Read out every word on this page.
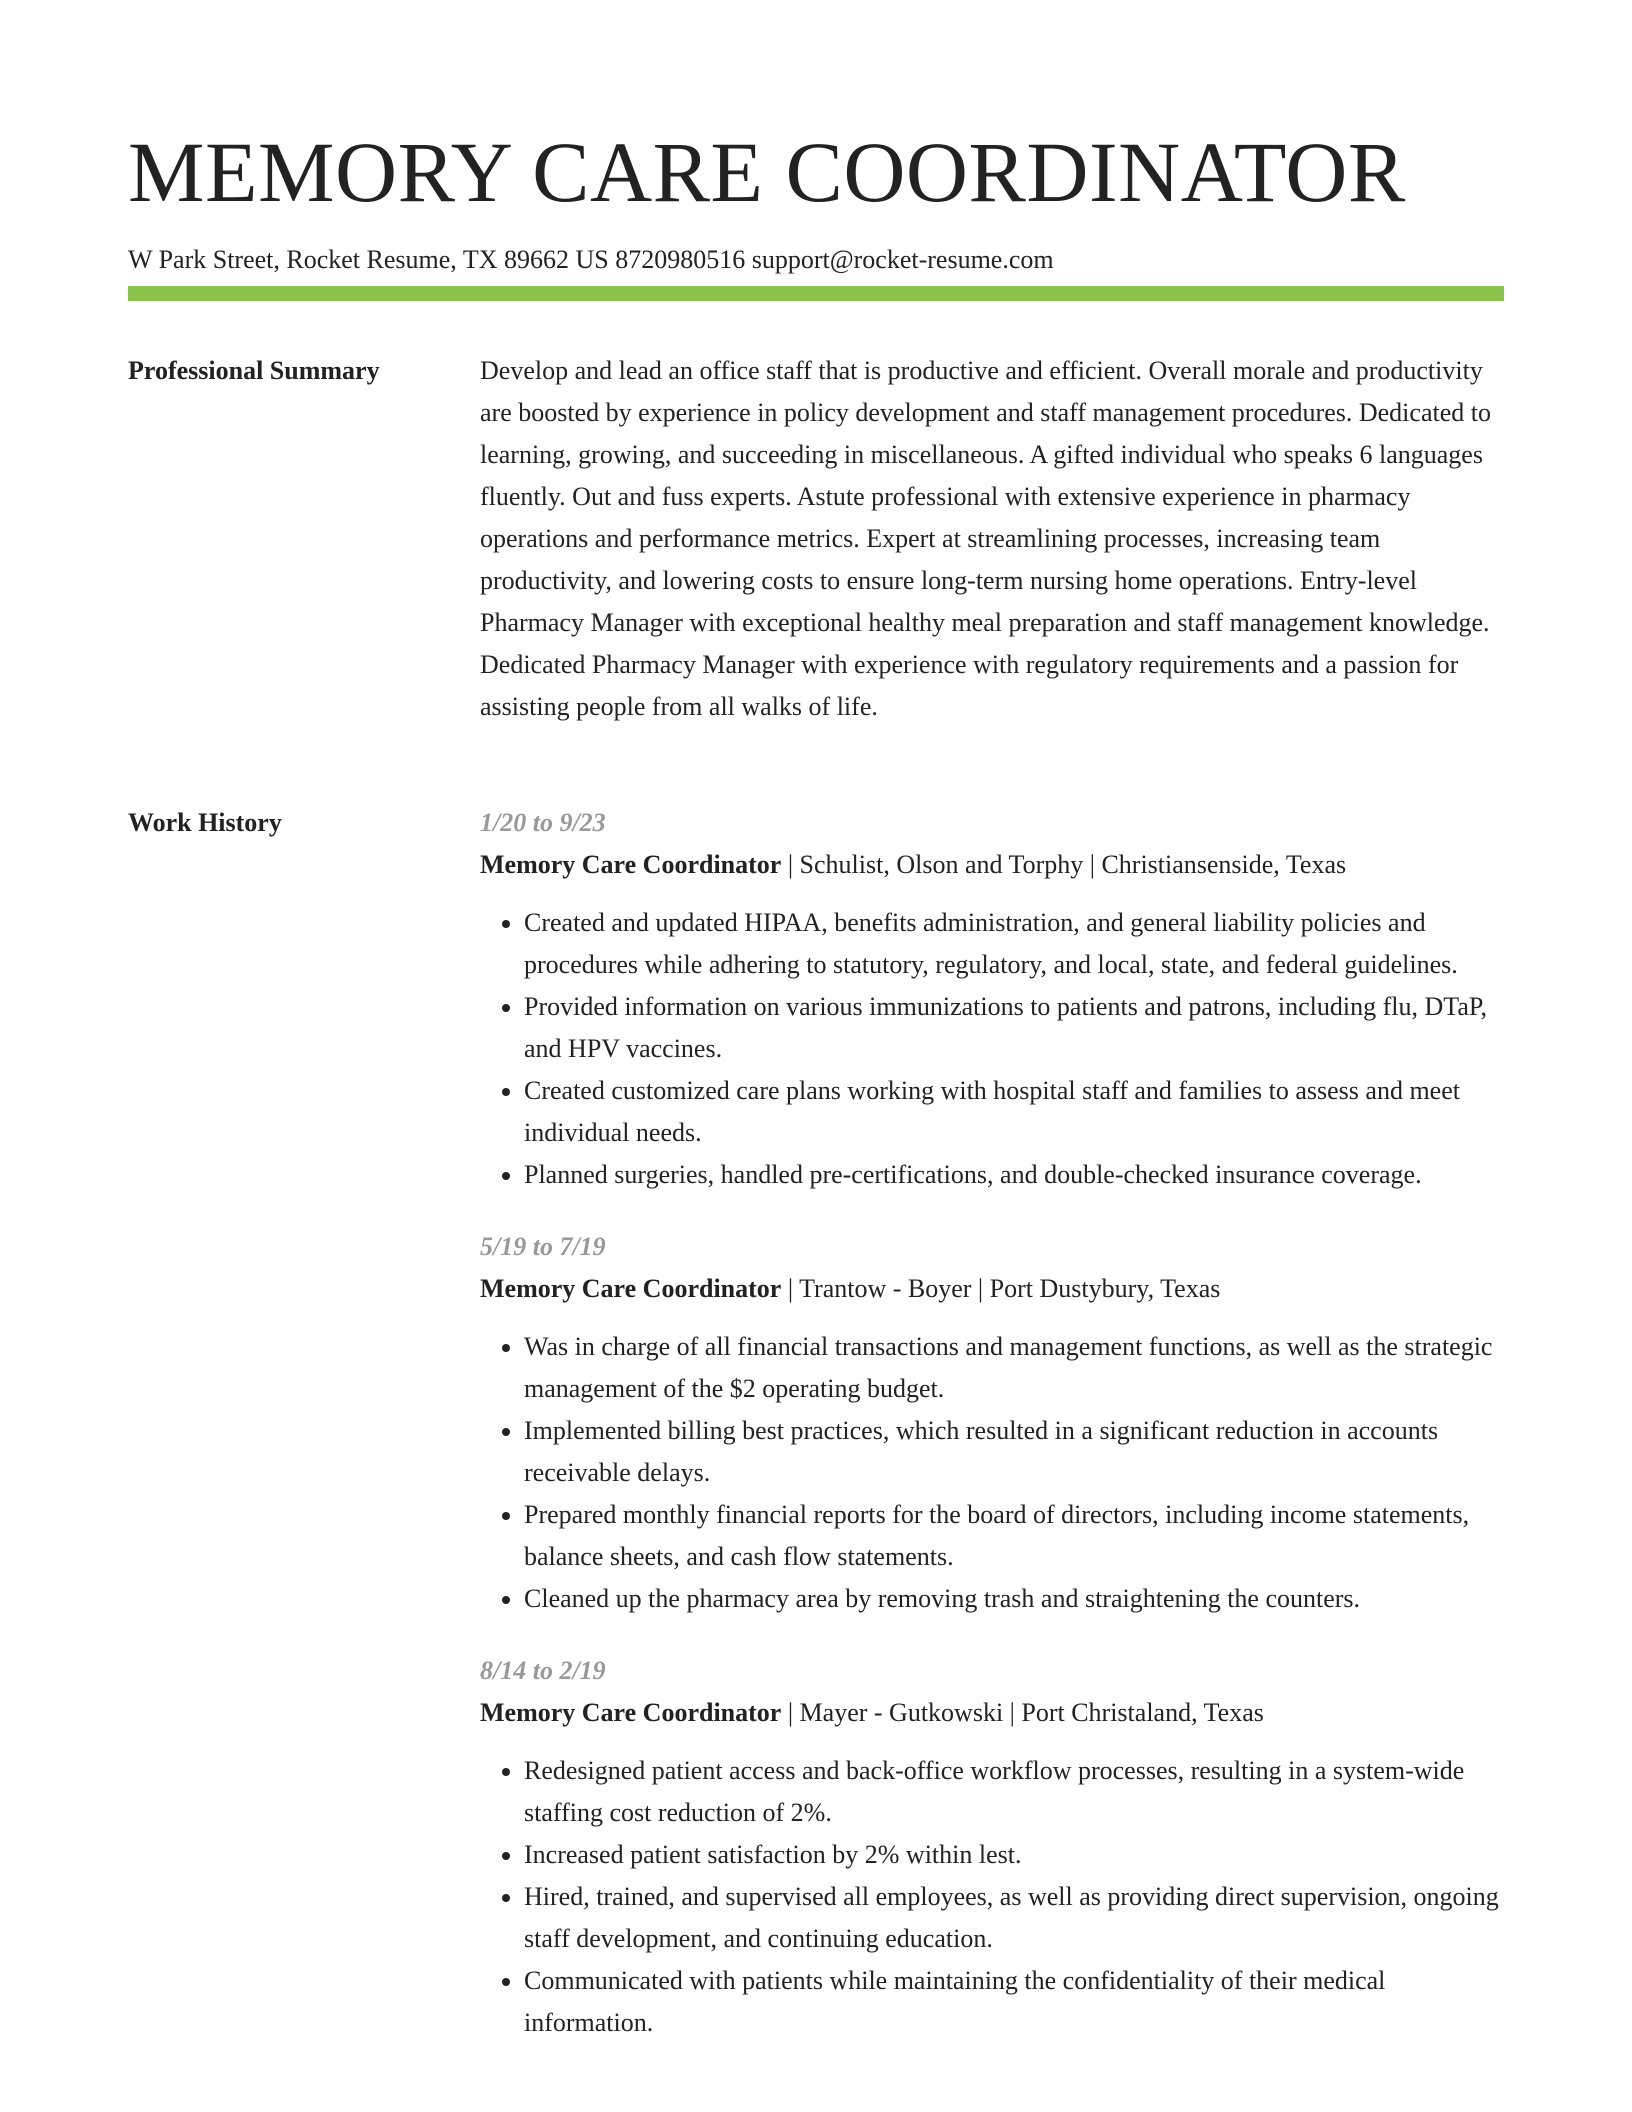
MEMORY CARE COORDINATOR
W Park Street, Rocket Resume, TX 89662 US 8720980516 support@rocket-resume.com
Professional Summary	Develop and lead an office staff that is productive and efficient. Overall morale and productivity are boosted by experience in policy development and staff management procedures. Dedicated to learning, growing, and succeeding in miscellaneous. A gifted individual who speaks 6 languages fluently. Out and fuss experts. Astute professional with extensive experience in pharmacy operations and performance metrics. Expert at streamlining processes, increasing team productivity, and lowering costs to ensure long-term nursing home operations. Entry-level Pharmacy Manager with exceptional healthy meal preparation and staff management knowledge. Dedicated Pharmacy Manager with experience with regulatory requirements and a passion for assisting people from all walks of life.

Work History	1/20 to 9/23
Memory Care Coordinator | Schulist, Olson and Torphy | Christiansenside, Texas
• Created and updated HIPAA, benefits administration, and general liability policies and procedures while adhering to statutory, regulatory, and local, state, and federal guidelines.
• Provided information on various immunizations to patients and patrons, including flu, DTaP, and HPV vaccines.
• Created customized care plans working with hospital staff and families to assess and meet individual needs.
• Planned surgeries, handled pre-certifications, and double-checked insurance coverage.
5/19 to 7/19
Memory Care Coordinator | Trantow - Boyer | Port Dustybury, Texas
• Was in charge of all financial transactions and management functions, as well as the strategic management of the $2 operating budget.
• Implemented billing best practices, which resulted in a significant reduction in accounts receivable delays.
• Prepared monthly financial reports for the board of directors, including income statements, balance sheets, and cash flow statements.
• Cleaned up the pharmacy area by removing trash and straightening the counters.
8/14 to 2/19
Memory Care Coordinator | Mayer - Gutkowski | Port Christaland, Texas
• Redesigned patient access and back-office workflow processes, resulting in a system-wide staffing cost reduction of 2%.
• Increased patient satisfaction by 2% within lest.
• Hired, trained, and supervised all employees, as well as providing direct supervision, ongoing staff development, and continuing education.
• Communicated with patients while maintaining the confidentiality of their medical information.
